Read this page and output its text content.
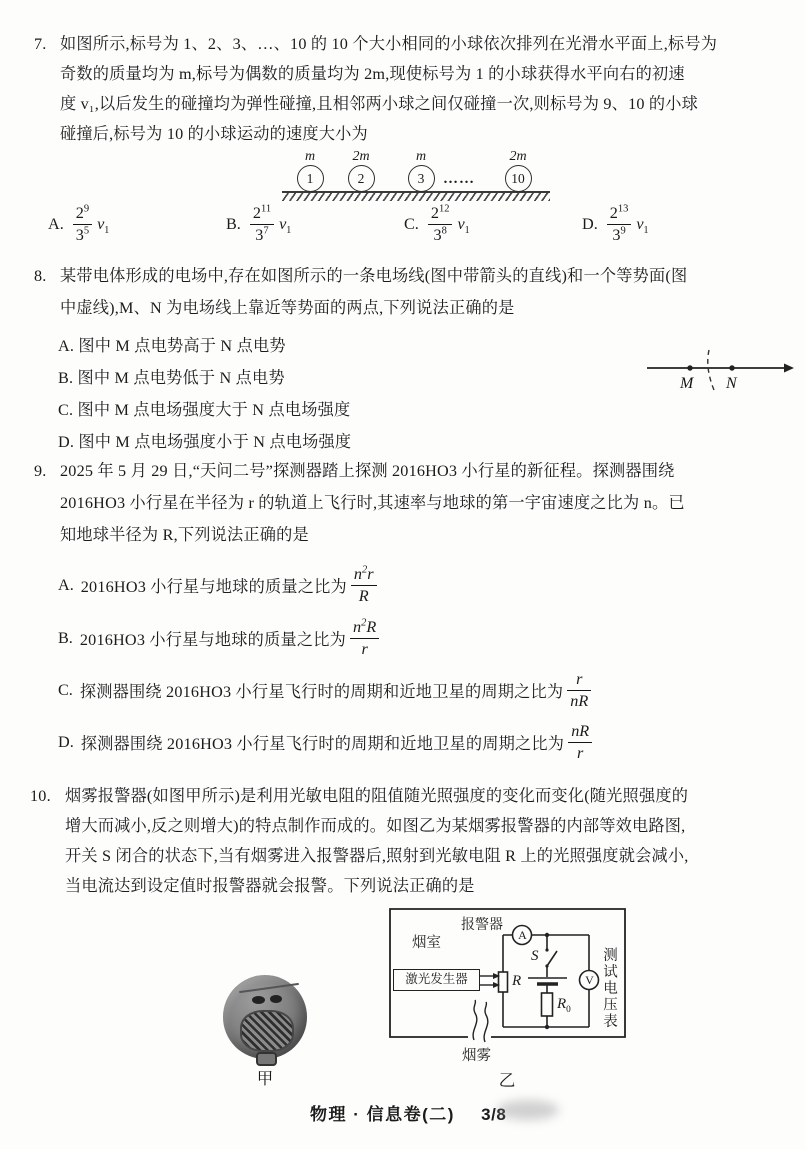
7. 如图所示,标号为 1、2、3、…、10 的 10 个大小相同的小球依次排列在光滑水平面上,标号为
奇数的质量均为 m,标号为偶数的质量均为 2m,现使标号为 1 的小球获得水平向右的初速
度 v₁,以后发生的碰撞均为弹性碰撞,且相邻两小球之间仅碰撞一次,则标号为 9、10 的小球
碰撞后,标号为 10 的小球运动的速度大小为
m
1
2m
2
m
3
2m
10
……
A. $\frac{2^9}{3^5} v_1$	B. $\frac{2^{11}}{3^7} v_1$	C. $\frac{2^{12}}{3^8} v_1$	D. $\frac{2^{13}}{3^9} v_1$
8. 某带电体形成的电场中,存在如图所示的一条电场线(图中带箭头的直线)和一个等势面(图
中虚线),M、N 为电场线上靠近等势面的两点,下列说法正确的是
A. 图中 M 点电势高于 N 点电势
B. 图中 M 点电势低于 N 点电势
C. 图中 M 点电场强度大于 N 点电场强度
D. 图中 M 点电场强度小于 N 点电场强度
M N
9. 2025 年 5 月 29 日,“天问二号”探测器踏上探测 2016HO3 小行星的新征程。探测器围绕
2016HO3 小行星在半径为 r 的轨道上飞行时,其速率与地球的第一宇宙速度之比为 n。已
知地球半径为 R,下列说法正确的是
A. 2016HO3 小行星与地球的质量之比为 $\frac{n^2r}{R}$
B. 2016HO3 小行星与地球的质量之比为 $\frac{n^2R}{r}$
C. 探测器围绕 2016HO3 小行星飞行时的周期和近地卫星的周期之比为 $\frac{r}{nR}$
D. 探测器围绕 2016HO3 小行星飞行时的周期和近地卫星的周期之比为 $\frac{nR}{r}$
10. 烟雾报警器(如图甲所示)是利用光敏电阻的阻值随光照强度的变化而变化(随光照强度的
增大而减小,反之则增大)的特点制作而成的。如图乙为某烟雾报警器的内部等效电路图,
开关 S 闭合的状态下,当有烟雾进入报警器后,照射到光敏电阻 R 上的光照强度就会减小,
当电流达到设定值时报警器就会报警。下列说法正确的是
甲
烟室
报警器
A
V
激光发生器	R
S
$R_0$ 测试电压表
烟雾
乙
物理 · 信息卷(二) 3/8
